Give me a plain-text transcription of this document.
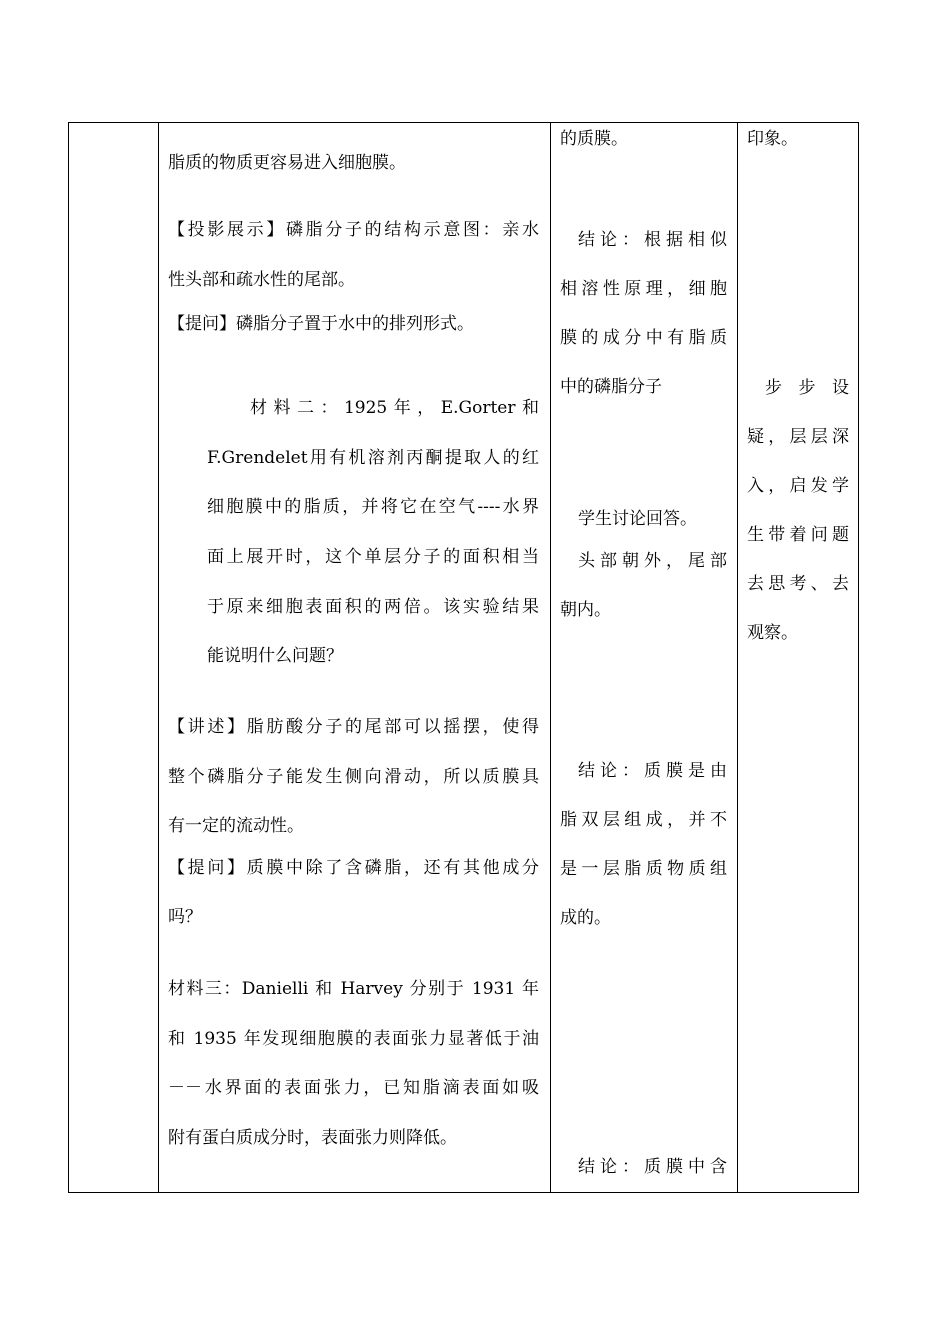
脂质的物质更容易进入细胞膜。
【投影展示】磷脂分子的结构示意图：亲水
性头部和疏水性的尾部。
【提问】磷脂分子置于水中的排列形式。
材料二：1925年，E.Gorter和
F.Grendelet用有机溶剂丙酮提取人的红
细胞膜中的脂质，并将它在空气----水界
面上展开时，这个单层分子的面积相当
于原来细胞表面积的两倍。该实验结果
能说明什么问题？
【讲述】脂肪酸分子的尾部可以摇摆，使得
整个磷脂分子能发生侧向滑动，所以质膜具
有一定的流动性。
【提问】质膜中除了含磷脂，还有其他成分
吗？
材料三：Danielli 和 Harvey 分别于 1931 年
和 1935 年发现细胞膜的表面张力显著低于油
－－水界面的表面张力，已知脂滴表面如吸
附有蛋白质成分时，表面张力则降低。
的质膜。
结论：根据相似
相溶性原理，细胞
膜的成分中有脂质
中的磷脂分子
学生讨论回答。
头部朝外，尾部
朝内。
结论：质膜是由
脂双层组成，并不
是一层脂质物质组
成的。
结论：质膜中含
印象。
步步设
疑，层层深
入，启发学
生带着问题
去思考、去
观察。
